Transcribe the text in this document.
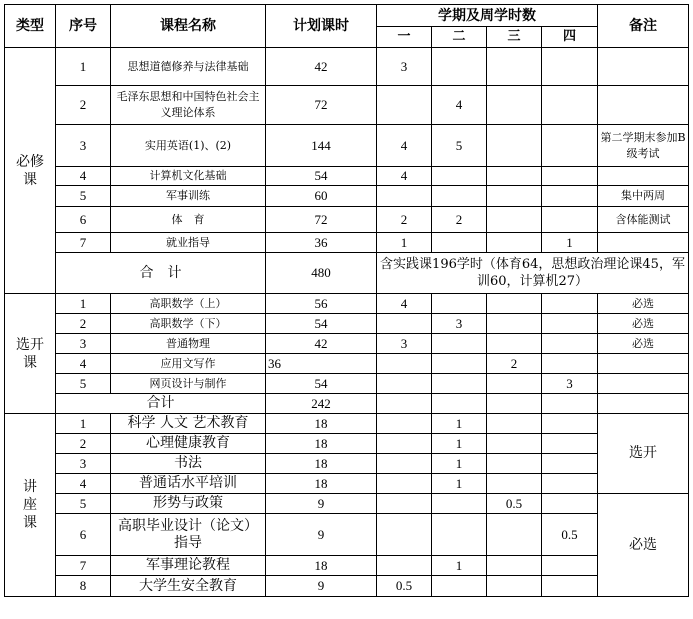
类型	序号	课程名称	计划课时	学期及周学时数				备注
				一	二	三	四	
必修课	1	思想道德修养与法律基础	42	3				
	2	毛泽东思想和中国特色社会主义理论体系	72		4			
	3	实用英语(1)、(2)	144	4	5			第二学期末参加B级考试
	4	计算机文化基础	54	4				
	5	军事训练	60					集中两周
	6	体　育	72	2	2			含体能测试
	7	就业指导	36	1			1	
	合　计		480	含实践课196学时（体育64，思想政治理论课45，军训60，计算机27）				
选开课	1	高职数学（上）	56	4				必选
	2	高职数学（下）	54		3			必选
	3	普通物理	42	3				必选
	4	应用文写作	36			2		
	5	网页设计与制作	54				3	
	合计		242					
讲座课	1	科学 人文 艺术教育	18		1			选开
	2	心理健康教育	18		1			
	3	书法	18		1			
	4	普通话水平培训	18		1			
	5	形势与政策	9			0.5		必选
	6	高职毕业设计（论文）指导	9				0.5	
	7	军事理论教程	18		1			
	8	大学生安全教育	9	0.5				
